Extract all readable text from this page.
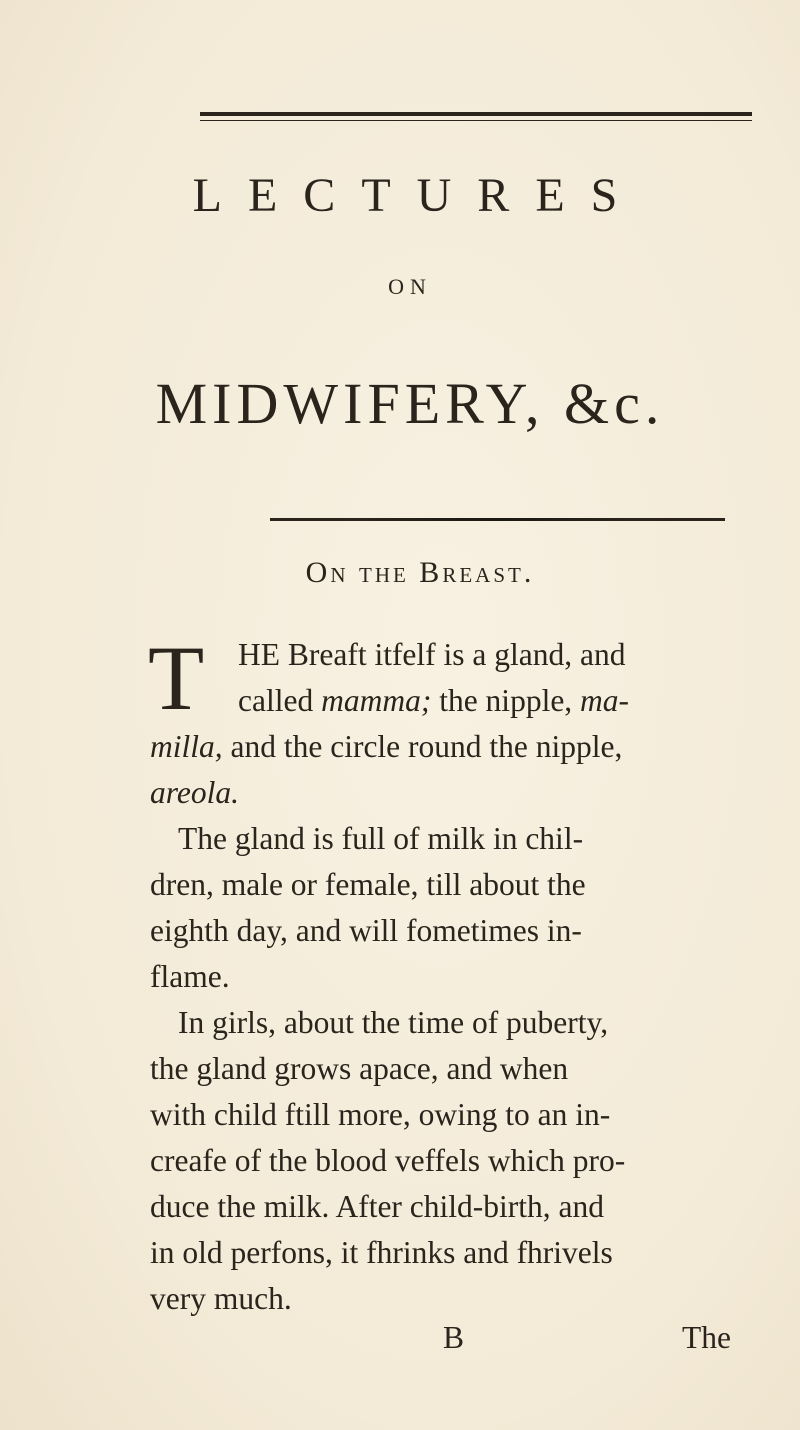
LECTURES
ON
MIDWIFERY, &c.
On the Breast.
T HE Breaft itfelf is a gland, and
called mamma; the nipple, ma-
milla, and the circle round the nipple,
areola.
The gland is full of milk in chil-
dren, male or female, till about the
eighth day, and will fometimes in-
flame.
In girls, about the time of puberty,
the gland grows apace, and when
with child ftill more, owing to an in-
creafe of the blood veffels which pro-
duce the milk. After child-birth, and
in old perfons, it fhrinks and fhrivels
very much.
B	The
